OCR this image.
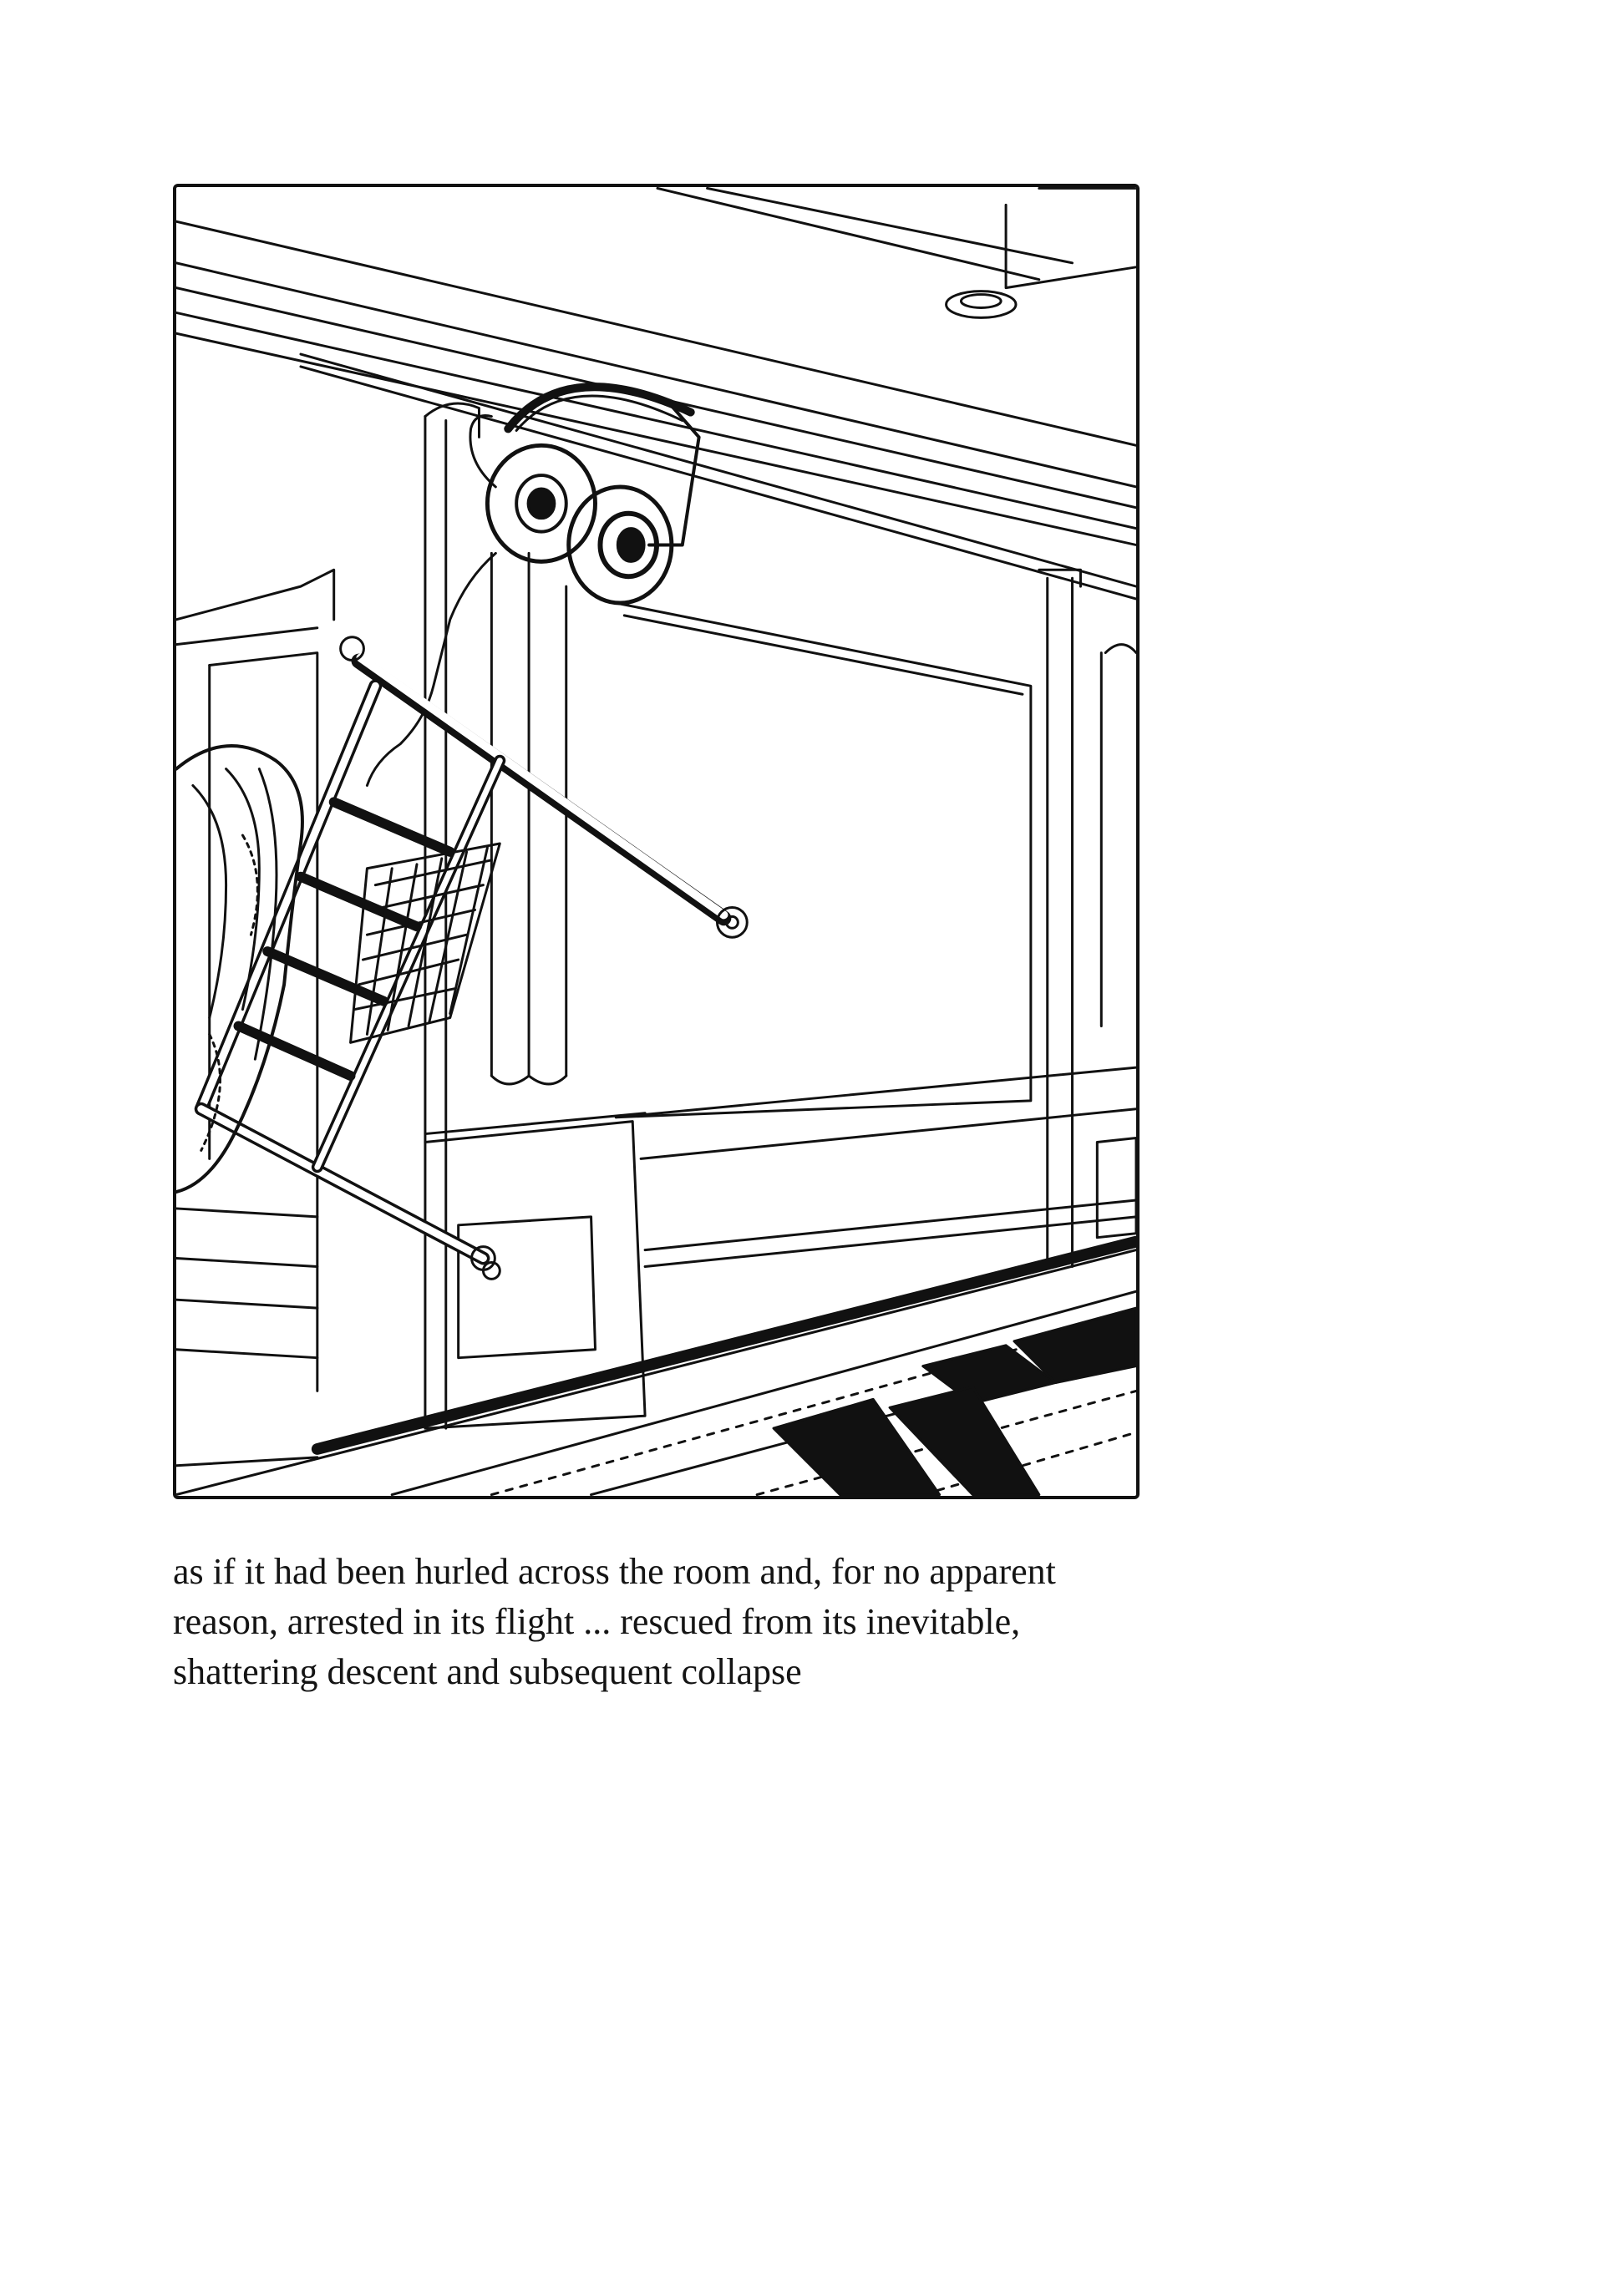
as if it had been hurled across the room and, for no apparent
reason, arrested in its flight ... rescued from its inevitable,
shattering descent and subsequent collapse
